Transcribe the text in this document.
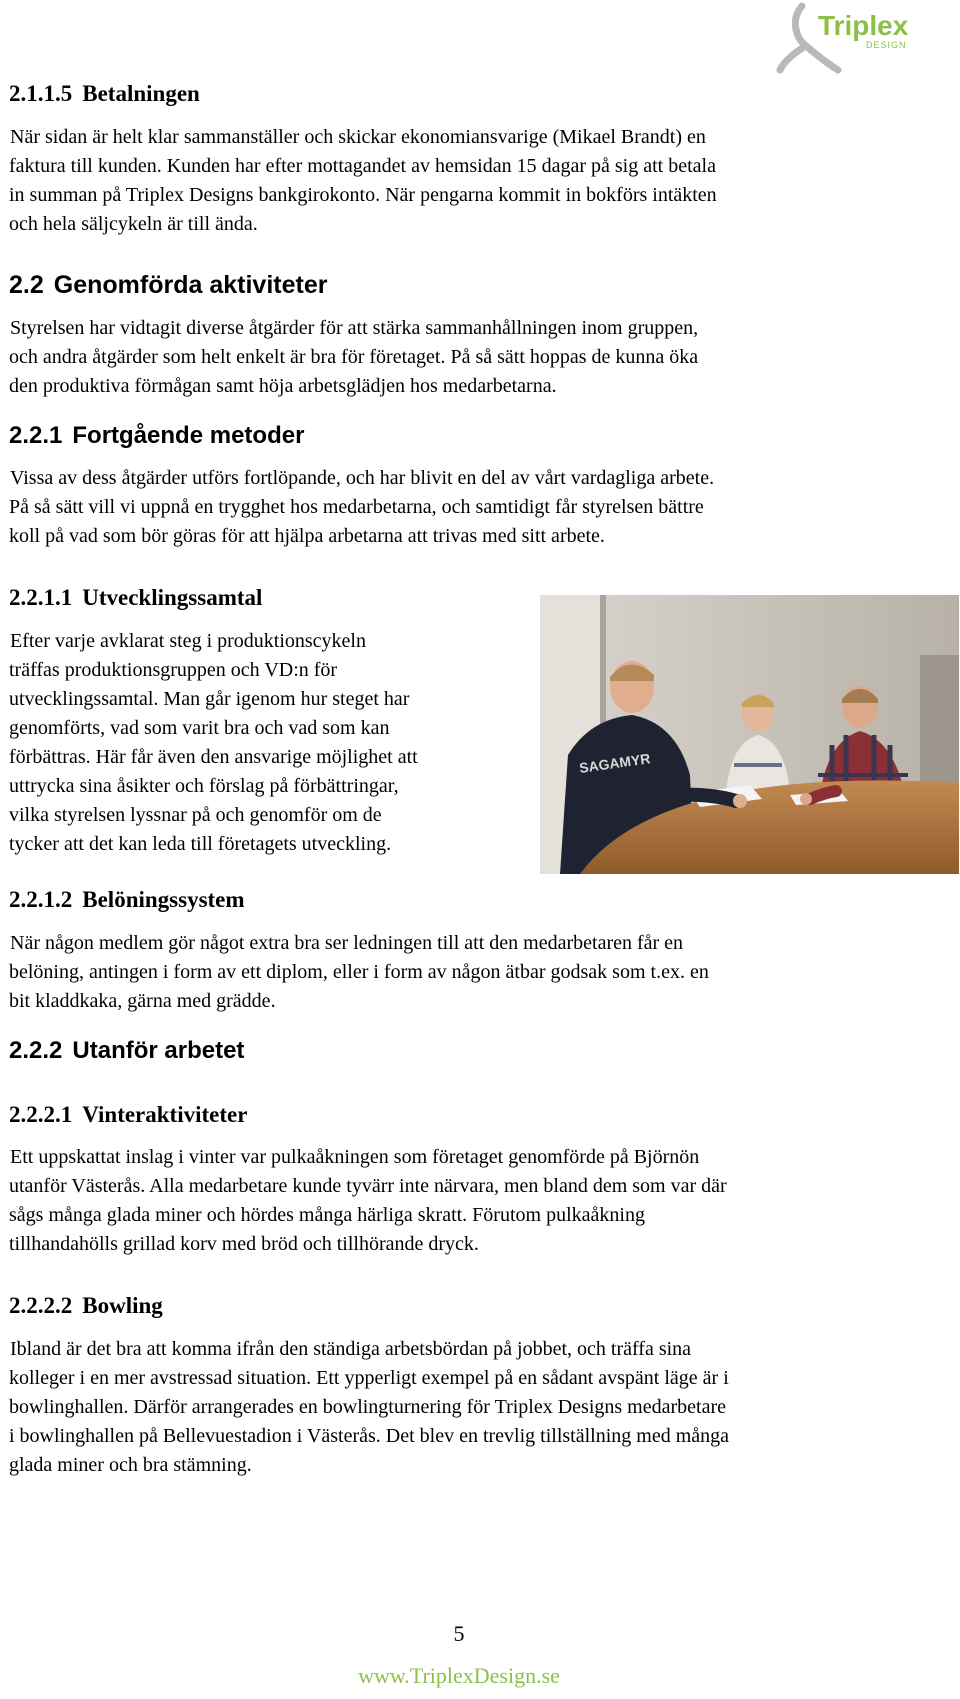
Triplex
DESIGN
2.1.1.5 Betalningen

När sidan är helt klar sammanställer och skickar ekonomiansvarige (Mikael Brandt) en
faktura till kunden. Kunden har efter mottagandet av hemsidan 15 dagar på sig att betala
in summan på Triplex Designs bankgirokonto. När pengarna kommit in bokförs intäkten
och hela säljcykeln är till ända.

2.2 Genomförda aktiviteter

Styrelsen har vidtagit diverse åtgärder för att stärka sammanhållningen inom gruppen,
och andra åtgärder som helt enkelt är bra för företaget. På så sätt hoppas de kunna öka
den produktiva förmågan samt höja arbetsglädjen hos medarbetarna.

2.2.1 Fortgående metoder

Vissa av dess åtgärder utförs fortlöpande, och har blivit en del av vårt vardagliga arbete.
På så sätt vill vi uppnå en trygghet hos medarbetarna, och samtidigt får styrelsen bättre
koll på vad som bör göras för att hjälpa arbetarna att trivas med sitt arbete.

2.2.1.1 Utvecklingssamtal

Efter varje avklarat steg i produktionscykeln
träffas produktionsgruppen och VD:n för
utvecklingssamtal. Man går igenom hur steget har
genomförts, vad som varit bra och vad som kan
förbättras. Här får även den ansvarige möjlighet att
uttrycka sina åsikter och förslag på förbättringar,
vilka styrelsen lyssnar på och genomför om de
tycker att det kan leda till företagets utveckling.

SAGAMYR
2.2.1.2 Belöningssystem

När någon medlem gör något extra bra ser ledningen till att den medarbetaren får en
belöning, antingen i form av ett diplom, eller i form av någon ätbar godsak som t.ex. en
bit kladdkaka, gärna med grädde.

2.2.2 Utanför arbetet
2.2.2.1 Vinteraktiviteter

Ett uppskattat inslag i vinter var pulkaåkningen som företaget genomförde på Björnön
utanför Västerås. Alla medarbetare kunde tyvärr inte närvara, men bland dem som var där
sågs många glada miner och hördes många härliga skratt. Förutom pulkaåkning
tillhandahölls grillad korv med bröd och tillhörande dryck.

2.2.2.2 Bowling

Ibland är det bra att komma ifrån den ständiga arbetsbördan på jobbet, och träffa sina
kolleger i en mer avstressad situation. Ett ypperligt exempel på en sådant avspänt läge är i
bowlinghallen. Därför arrangerades en bowlingturnering för Triplex Designs medarbetare
i bowlinghallen på Bellevuestadion i Västerås. Det blev en trevlig tillställning med många
glada miner och bra stämning.

5
www.TriplexDesign.se
